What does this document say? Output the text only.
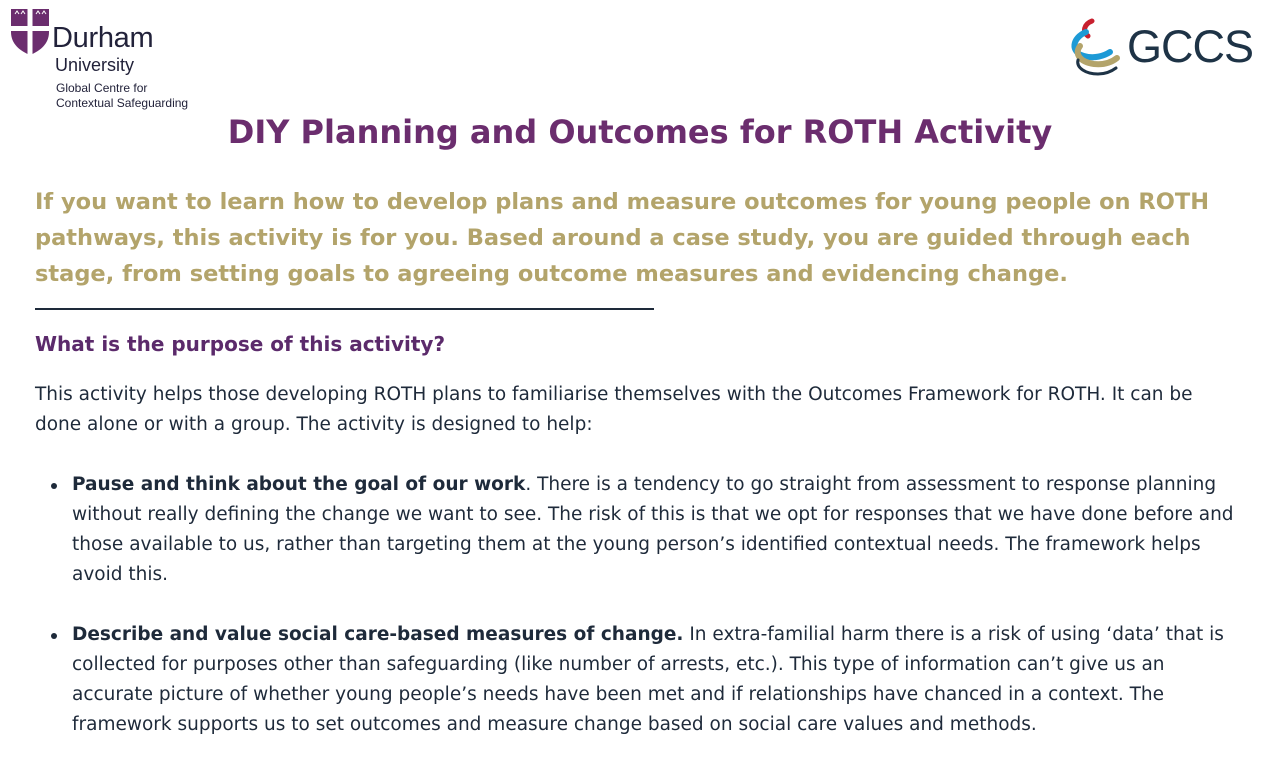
Durham
University
Global Centre for
Contextual Safeguarding
GCCS
DIY Planning and Outcomes for ROTH Activity

If you want to learn how to develop plans and measure outcomes for young people on ROTH pathways, this activity is for you. Based around a case study, you are guided through each stage, from setting goals to agreeing outcome measures and evidencing change.

What is the purpose of this activity?

This activity helps those developing ROTH plans to familiarise themselves with the Outcomes Framework for ROTH. It can be done alone or with a group. The activity is designed to help:

Pause and think about the goal of our work. There is a tendency to go straight from assessment to response planning without really defining the change we want to see. The risk of this is that we opt for responses that we have done before and those available to us, rather than targeting them at the young person’s identified contextual needs. The framework helps avoid this.
Describe and value social care-based measures of change. In extra-familial harm there is a risk of using ‘data’ that is collected for purposes other than safeguarding (like number of arrests, etc.). This type of information can’t give us an accurate picture of whether young people’s needs have been met and if relationships have chanced in a context. The framework supports us to set outcomes and measure change based on social care values and methods.
